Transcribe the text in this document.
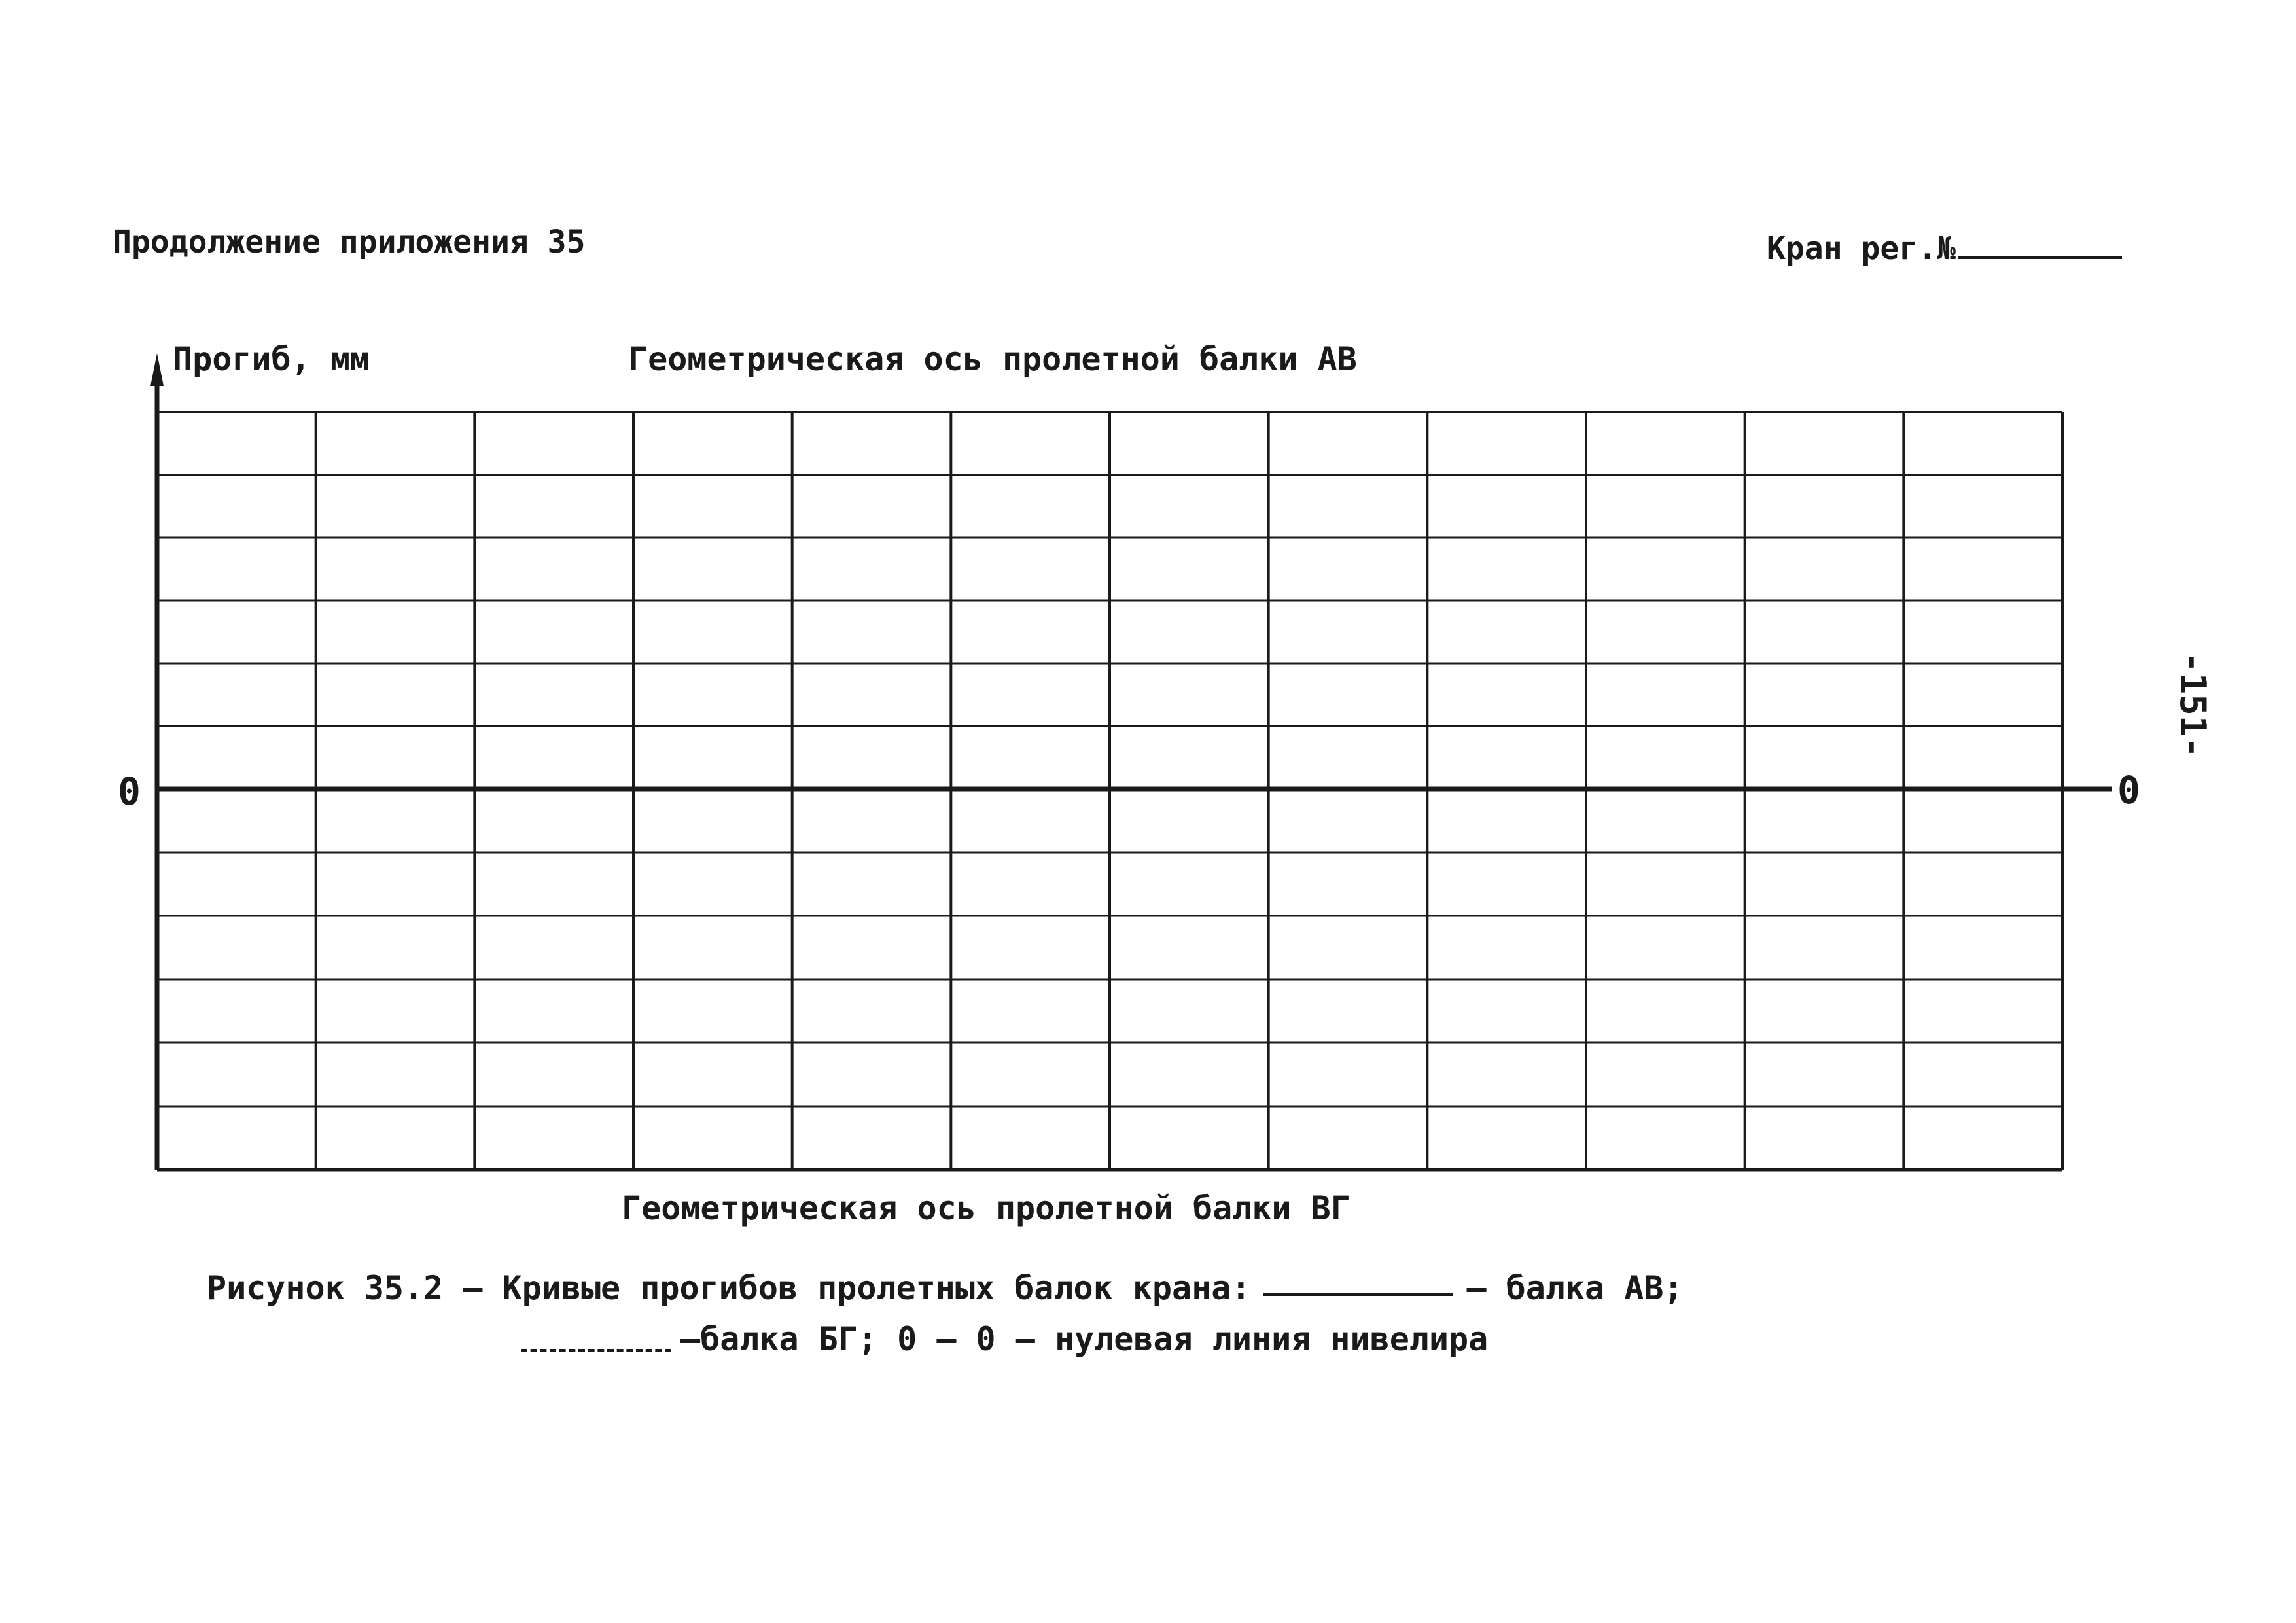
Продолжение приложения 35	Кран рег.№
Прогиб, мм	Геометрическая ось пролетной балки АВ
0	0
Геометрическая ось пролетной балки ВГ
Рисунок 35.2 – Кривые прогибов пролетных балок крана:	– балка АВ;
–балка БГ; 0 – 0 – нулевая линия нивелира
-151-
